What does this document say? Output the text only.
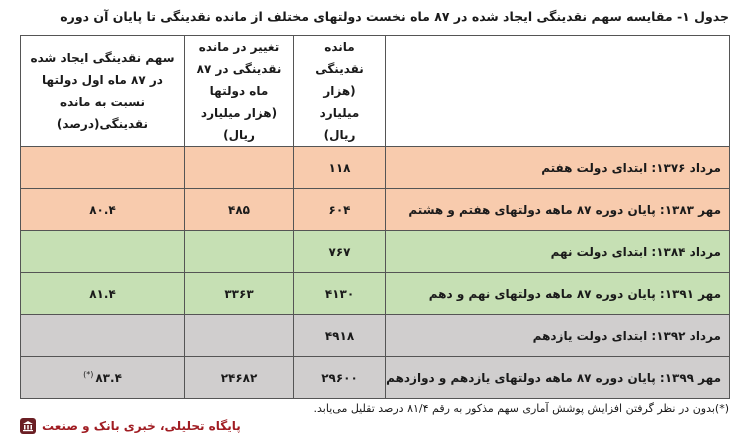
جدول ۱- مقایسه سهم نقدینگی ایجاد شده در ۸۷ ماه نخست دولتهای مختلف از مانده نقدینگی تا پایان آن دوره
	مانده نقدینگی (هزار میلیارد ریال)	تغییر در مانده نقدینگی در ۸۷ ماه دولتها (هزار میلیارد ریال)	سهم نقدینگی ایجاد شده در ۸۷ ماه اول دولتها نسبت به مانده نقدینگی(درصد)
مرداد ۱۳۷۶: ابتدای دولت هفتم	۱۱۸		
مهر ۱۳۸۳: پایان دوره ۸۷ ماهه دولتهای هفتم و هشتم	۶۰۴	۴۸۵	۸۰.۴
مرداد ۱۳۸۴: ابتدای دولت نهم	۷۶۷		
مهر ۱۳۹۱: پایان دوره ۸۷ ماهه دولتهای نهم و دهم	۴۱۳۰	۳۳۶۳	۸۱.۴
مرداد ۱۳۹۲: ابتدای دولت یازدهم	۴۹۱۸		
مهر ۱۳۹۹: پایان دوره ۸۷ ماهه دولتهای یازدهم و دوازدهم	۲۹۶۰۰	۲۴۶۸۲	۸۳.۴(*)
(*)بدون در نظر گرفتن افزایش پوشش آماری سهم مذکور به رقم ۸۱/۴ درصد تقلیل می‌یابد.
پایگاه تحلیلی، خبری بانک و صنعت
